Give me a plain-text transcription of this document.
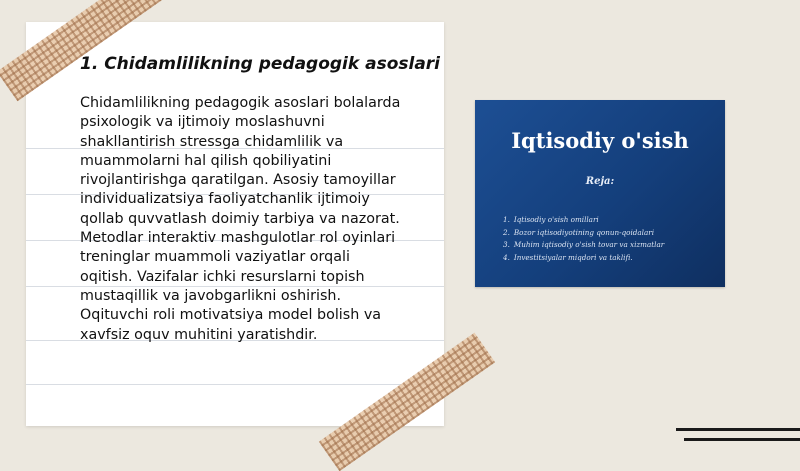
1. Chidamlilikning pedagogik asoslari
Chidamlilikning pedagogik asoslari bolalarda
psixologik va ijtimoiy moslashuvni
shakllantirish stressga chidamlilik va
muammolarni hal qilish qobiliyatini
rivojlantirishga qaratilgan. Asosiy tamoyillar
individualizatsiya faoliyatchanlik ijtimoiy
qollab quvvatlash doimiy tarbiya va nazorat.
Metodlar interaktiv mashgulotlar rol oyinlari
treninglar muammoli vaziyatlar orqali
oqitish. Vazifalar ichki resurslarni topish
mustaqillik va javobgarlikni oshirish.
Oqituvchi roli motivatsiya model bolish va
xavfsiz oquv muhitini yaratishdir.
Iqtisodiy o'sish
Reja:
1. Iqtisodiy o'sish omillari
2. Bozor iqtisodiyotining qonun-qoidalari
3. Muhim iqtisodiy o'sish tovar va xizmatlar
4. Investitsiyalar miqdori va taklifi.
